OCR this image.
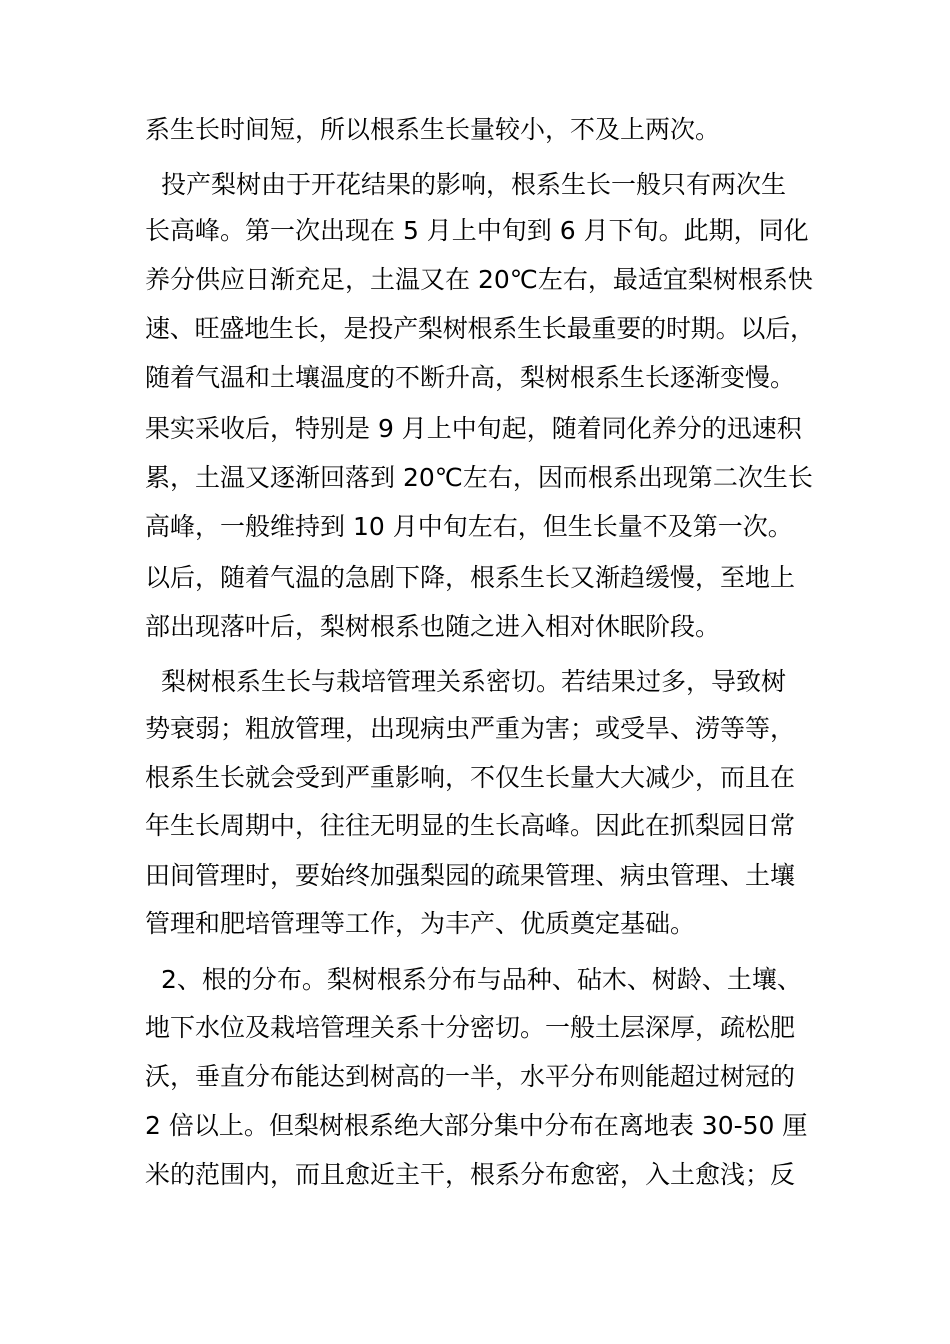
系生长时间短，所以根系生长量较小，不及上两次。
投产梨树由于开花结果的影响，根系生长一般只有两次生
长高峰。第一次出现在 5 月上中旬到 6 月下旬。此期，同化
养分供应日渐充足，土温又在 20℃左右，最适宜梨树根系快
速、旺盛地生长，是投产梨树根系生长最重要的时期。以后，
随着气温和土壤温度的不断升高，梨树根系生长逐渐变慢。
果实采收后，特别是 9 月上中旬起，随着同化养分的迅速积
累，土温又逐渐回落到 20℃左右，因而根系出现第二次生长
高峰，一般维持到 10 月中旬左右，但生长量不及第一次。
以后，随着气温的急剧下降，根系生长又渐趋缓慢，至地上
部出现落叶后，梨树根系也随之进入相对休眠阶段。
梨树根系生长与栽培管理关系密切。若结果过多，导致树
势衰弱；粗放管理，出现病虫严重为害；或受旱、涝等等，
根系生长就会受到严重影响，不仅生长量大大减少，而且在
年生长周期中，往往无明显的生长高峰。因此在抓梨园日常
田间管理时，要始终加强梨园的疏果管理、病虫管理、土壤
管理和肥培管理等工作，为丰产、优质奠定基础。
2、根的分布。梨树根系分布与品种、砧木、树龄、土壤、
地下水位及栽培管理关系十分密切。一般土层深厚，疏松肥
沃，垂直分布能达到树高的一半，水平分布则能超过树冠的
2 倍以上。但梨树根系绝大部分集中分布在离地表 30-50 厘
米的范围内，而且愈近主干，根系分布愈密，入土愈浅；反
